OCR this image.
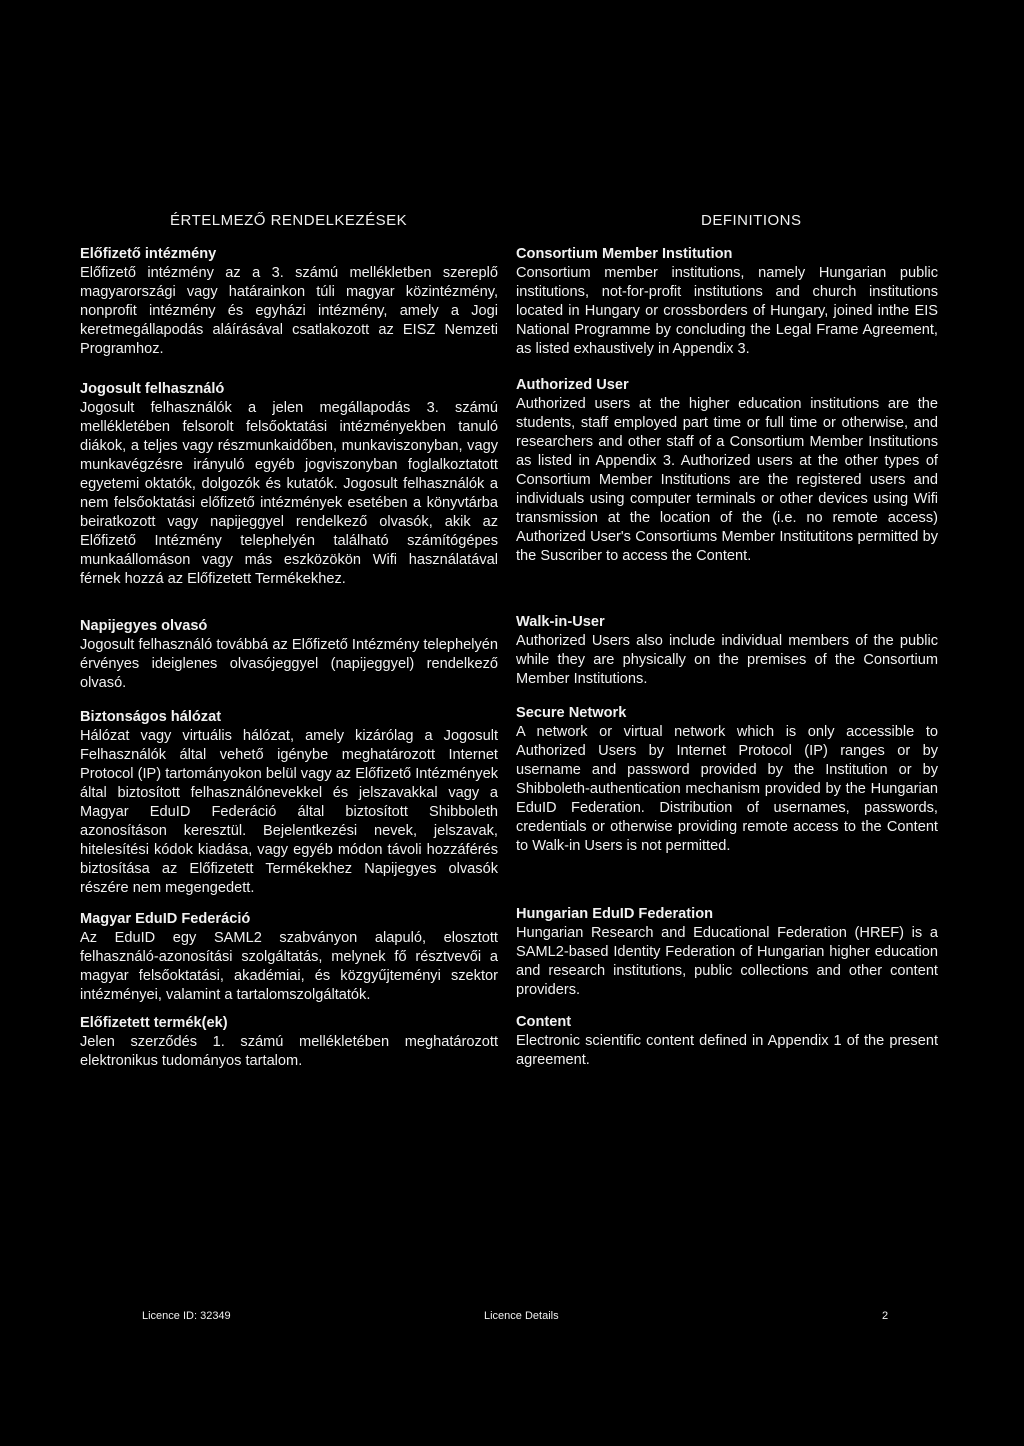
ÉRTELMEZŐ RENDELKEZÉSEK
Előfizető intézmény

Előfizető intézmény az a 3. számú mellékletben szereplő magyarországi vagy határainkon túli magyar közintézmény, nonprofit intézmény és egyházi intézmény, amely a Jogi keretmegállapodás aláírásával csatlakozott az EISZ Nemzeti Programhoz.

Jogosult felhasználó

Jogosult felhasználók a jelen megállapodás 3. számú mellékletében felsorolt felsőoktatási intézményekben tanuló diákok, a teljes vagy részmunkaidőben, munkaviszonyban, vagy munkavégzésre irányuló egyéb jogviszonyban foglalkoztatott egyetemi oktatók, dolgozók és kutatók. Jogosult felhasználók a nem felsőoktatási előfizető intézmények esetében a könyvtárba beiratkozott vagy napijeggyel rendelkező olvasók, akik az Előfizető Intézmény telephelyén található számítógépes munkaállomáson vagy más eszközökön Wifi használatával férnek hozzá az Előfizetett Termékekhez.

Napijegyes olvasó

Jogosult felhasználó továbbá az Előfizető Intézmény telephelyén érvényes ideiglenes olvasójeggyel (napijeggyel) rendelkező olvasó.

Biztonságos hálózat

Hálózat vagy virtuális hálózat, amely kizárólag a Jogosult Felhasználók által vehető igénybe meghatározott Internet Protocol (IP) tartományokon belül vagy az Előfizető Intézmények által biztosított felhasználónevekkel és jelszavakkal vagy a Magyar EduID Federáció által biztosított Shibboleth azonosításon keresztül. Bejelentkezési nevek, jelszavak, hitelesítési kódok kiadása, vagy egyéb módon távoli hozzáférés biztosítása az Előfizetett Termékekhez Napijegyes olvasók részére nem megengedett.

Magyar EduID Federáció

Az EduID egy SAML2 szabványon alapuló, elosztott felhasználó-azonosítási szolgáltatás, melynek fő résztvevői a magyar felsőoktatási, akadémiai, és közgyűjteményi szektor intézményei, valamint a tartalomszolgáltatók.

Előfizetett termék(ek)

Jelen szerződés 1. számú mellékletében meghatározott elektronikus tudományos tartalom.

DEFINITIONS
Consortium Member Institution

Consortium member institutions, namely Hungarian public institutions, not-for-profit institutions and church institutions located in Hungary or crossborders of Hungary, joined inthe EIS National Programme by concluding the Legal Frame Agreement, as listed exhaustively in Appendix 3.

Authorized User

Authorized users at the higher education institutions are the students, staff employed part time or full time or otherwise, and researchers and other staff of a Consortium Member Institutions as listed in Appendix 3. Authorized users at the other types of Consortium Member Institutions are the registered users and individuals using computer terminals or other devices using Wifi transmission at the location of the (i.e. no remote access) Authorized User's Consortiums Member Institutitons permitted by the Suscriber to access the Content.

Walk-in-User

Authorized Users also include individual members of the public while they are physically on the premises of the Consortium Member Institutions.

Secure Network

A network or virtual network which is only accessible to Authorized Users by Internet Protocol (IP) ranges or by username and password provided by the Institution or by Shibboleth-authentication mechanism provided by the Hungarian EduID Federation. Distribution of usernames, passwords, credentials or otherwise providing remote access to the Content to Walk-in Users is not permitted.

Hungarian EduID Federation

Hungarian Research and Educational Federation (HREF) is a SAML2-based Identity Federation of Hungarian higher education and research institutions, public collections and other content providers.

Content

Electronic scientific content defined in Appendix 1 of the present agreement.

Licence ID: 32349	Licence Details	2
